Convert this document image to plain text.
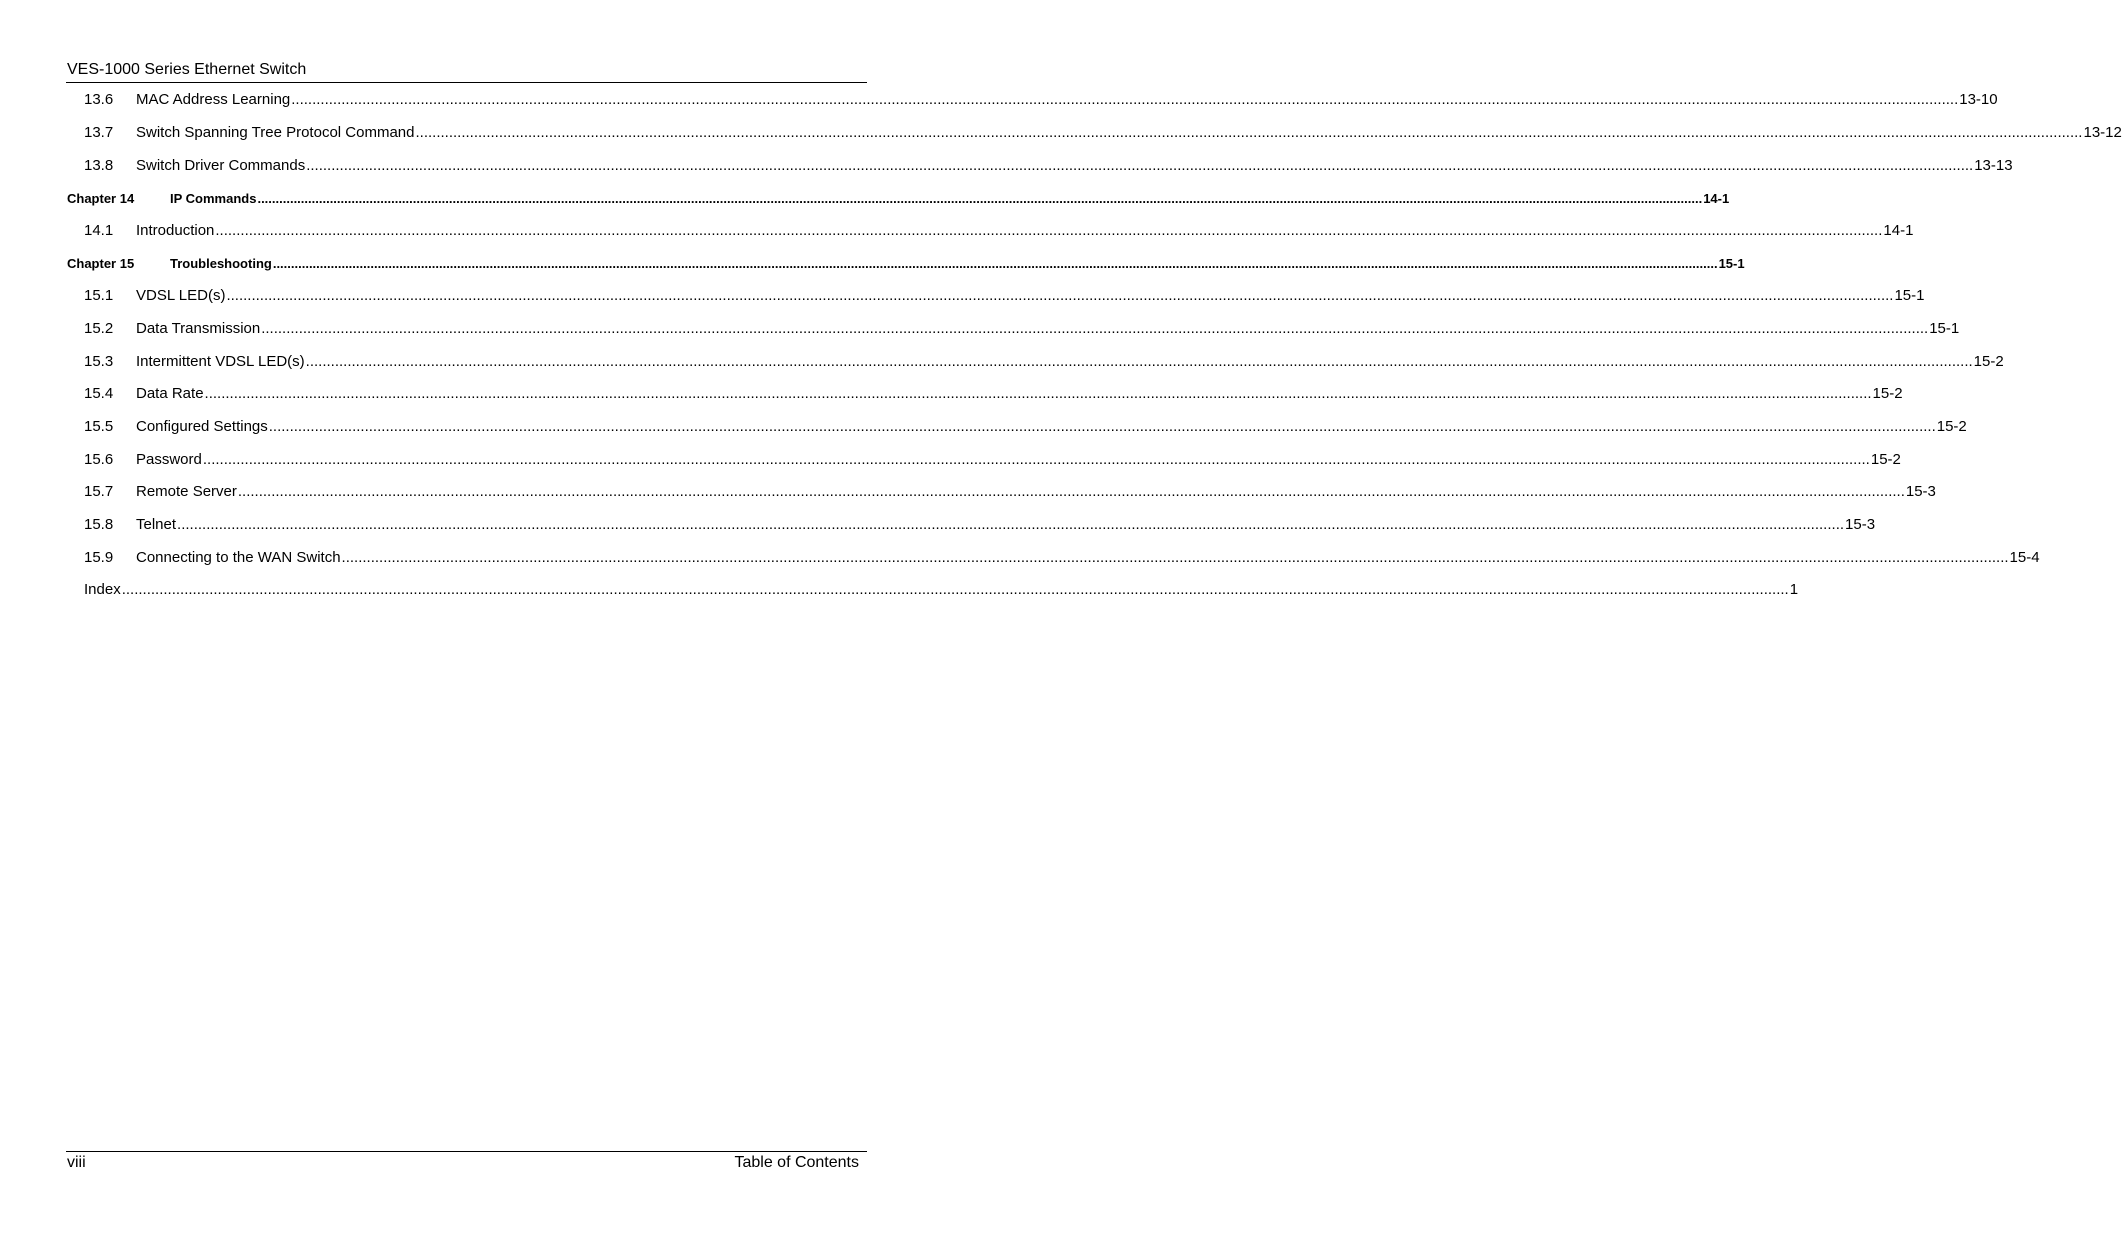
VES-1000 Series Ethernet Switch
13.6 MAC Address Learning ................................................................................................................................................................................................................................................................................................................................................................................................................ 13-10
13.7 Switch Spanning Tree Protocol Command ................................................................................................................................................................................................................................................................................................................................................................................................................ 13-12
13.8 Switch Driver Commands ................................................................................................................................................................................................................................................................................................................................................................................................................ 13-13
Chapter 14	IP Commands ................................................................................................................................................................................................................................................................................................................................................................................................................ 14-1
14.1 Introduction ................................................................................................................................................................................................................................................................................................................................................................................................................ 14-1
Chapter 15	Troubleshooting ................................................................................................................................................................................................................................................................................................................................................................................................................ 15-1
15.1 VDSL LED(s) ................................................................................................................................................................................................................................................................................................................................................................................................................ 15-1
15.2 Data Transmission ................................................................................................................................................................................................................................................................................................................................................................................................................ 15-1
15.3 Intermittent VDSL LED(s) ................................................................................................................................................................................................................................................................................................................................................................................................................ 15-2
15.4 Data Rate ................................................................................................................................................................................................................................................................................................................................................................................................................ 15-2
15.5 Configured Settings ................................................................................................................................................................................................................................................................................................................................................................................................................ 15-2
15.6 Password ................................................................................................................................................................................................................................................................................................................................................................................................................ 15-2
15.7 Remote Server ................................................................................................................................................................................................................................................................................................................................................................................................................ 15-3
15.8 Telnet ................................................................................................................................................................................................................................................................................................................................................................................................................ 15-3
15.9 Connecting to the WAN Switch ................................................................................................................................................................................................................................................................................................................................................................................................................ 15-4
Index ................................................................................................................................................................................................................................................................................................................................................................................................................ 1
viii	Table of Contents
